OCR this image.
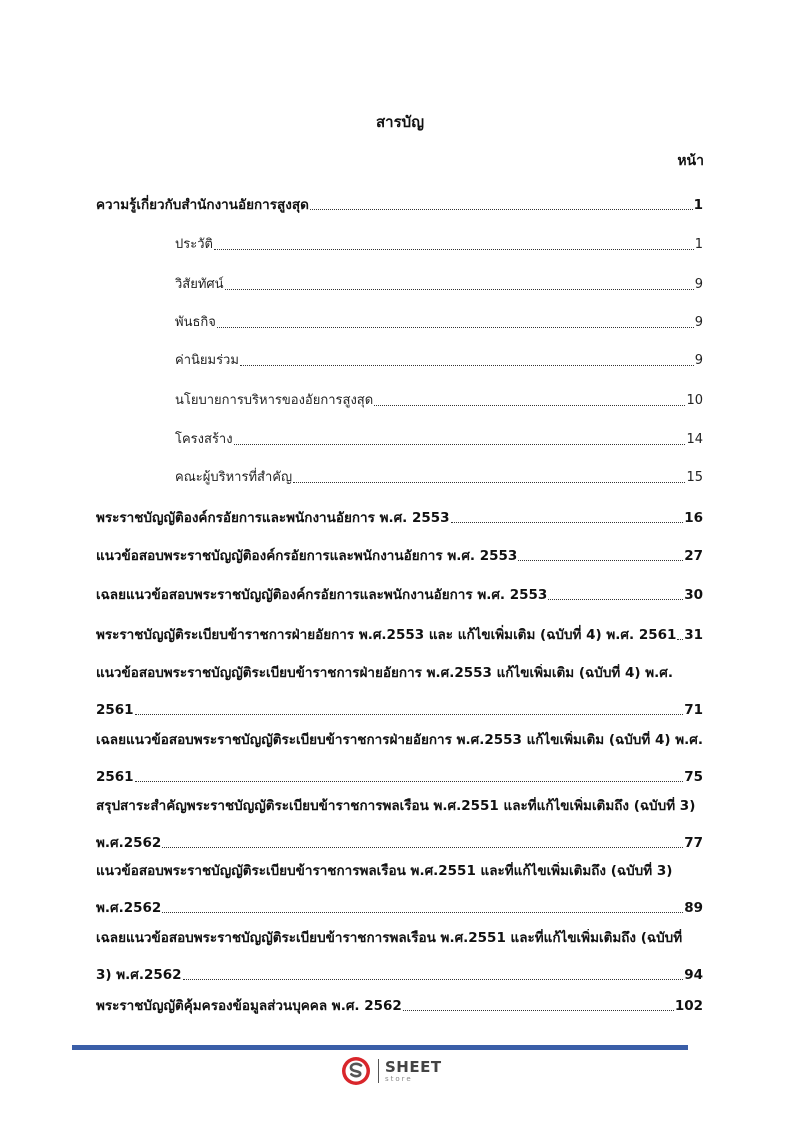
สารบัญ
หน้า
ความรู้เกี่ยวกับสำนักงานอัยการสูงสุด	1
ประวัติ	1
วิสัยทัศน์	9
พันธกิจ	9
ค่านิยมร่วม	9
นโยบายการบริหารของอัยการสูงสุด	10
โครงสร้าง	14
คณะผู้บริหารที่สำคัญ	15
พระราชบัญญัติองค์กรอัยการและพนักงานอัยการ พ.ศ. 2553	16
แนวข้อสอบพระราชบัญญัติองค์กรอัยการและพนักงานอัยการ พ.ศ. 2553	27
เฉลยแนวข้อสอบพระราชบัญญัติองค์กรอัยการและพนักงานอัยการ พ.ศ. 2553	30
พระราชบัญญัติระเบียบข้าราชการฝ่ายอัยการ พ.ศ.2553 และ แก้ไขเพิ่มเติม (ฉบับที่ 4) พ.ศ. 2561 31
แนวข้อสอบพระราชบัญญัติระเบียบข้าราชการฝ่ายอัยการ พ.ศ.2553 แก้ไขเพิ่มเติม (ฉบับที่ 4) พ.ศ.
2561	71
เฉลยแนวข้อสอบพระราชบัญญัติระเบียบข้าราชการฝ่ายอัยการ พ.ศ.2553 แก้ไขเพิ่มเติม (ฉบับที่ 4) พ.ศ.
2561	75
สรุปสาระสำคัญพระราชบัญญัติระเบียบข้าราชการพลเรือน พ.ศ.2551 และที่แก้ไขเพิ่มเติมถึง (ฉบับที่ 3)
พ.ศ.2562	77
แนวข้อสอบพระราชบัญญัติระเบียบข้าราชการพลเรือน พ.ศ.2551 และที่แก้ไขเพิ่มเติมถึง (ฉบับที่ 3)
พ.ศ.2562	89
เฉลยแนวข้อสอบพระราชบัญญัติระเบียบข้าราชการพลเรือน พ.ศ.2551 และที่แก้ไขเพิ่มเติมถึง (ฉบับที่
3) พ.ศ.2562	94
พระราชบัญญัติคุ้มครองข้อมูลส่วนบุคคล พ.ศ. 2562	102
SHEET
store
